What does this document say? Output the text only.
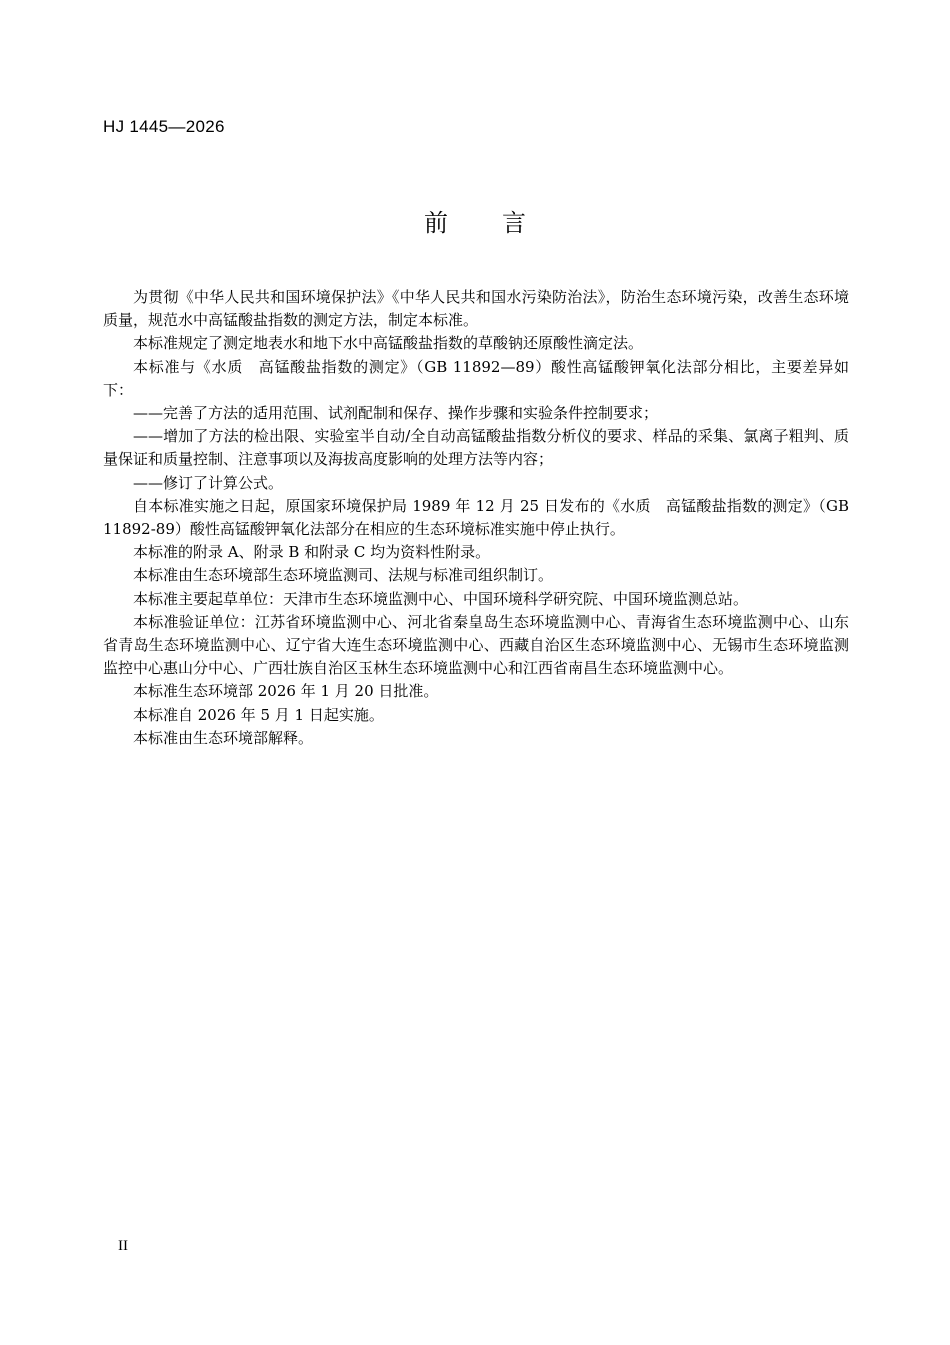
HJ 1445—2026
前言

为贯彻《中华人民共和国环境保护法》《中华人民共和国水污染防治法》，防治生态环境污染，改善生态环境质量，规范水中高锰酸盐指数的测定方法，制定本标准。

本标准规定了测定地表水和地下水中高锰酸盐指数的草酸钠还原酸性滴定法。

本标准与《水质　高锰酸盐指数的测定》（GB 11892—89）酸性高锰酸钾氧化法部分相比，主要差异如下：

——完善了方法的适用范围、试剂配制和保存、操作步骤和实验条件控制要求；

——增加了方法的检出限、实验室半自动/全自动高锰酸盐指数分析仪的要求、样品的采集、氯离子粗判、质量保证和质量控制、注意事项以及海拔高度影响的处理方法等内容；

——修订了计算公式。

自本标准实施之日起，原国家环境保护局 1989 年 12 月 25 日发布的《水质　高锰酸盐指数的测定》（GB 11892-89）酸性高锰酸钾氧化法部分在相应的生态环境标准实施中停止执行。

本标准的附录 A、附录 B 和附录 C 均为资料性附录。

本标准由生态环境部生态环境监测司、法规与标准司组织制订。

本标准主要起草单位：天津市生态环境监测中心、中国环境科学研究院、中国环境监测总站。

本标准验证单位：江苏省环境监测中心、河北省秦皇岛生态环境监测中心、青海省生态环境监测中心、山东省青岛生态环境监测中心、辽宁省大连生态环境监测中心、西藏自治区生态环境监测中心、无锡市生态环境监测监控中心惠山分中心、广西壮族自治区玉林生态环境监测中心和江西省南昌生态环境监测中心。

本标准生态环境部 2026 年 1 月 20 日批准。

本标准自 2026 年 5 月 1 日起实施。

本标准由生态环境部解释。

II
